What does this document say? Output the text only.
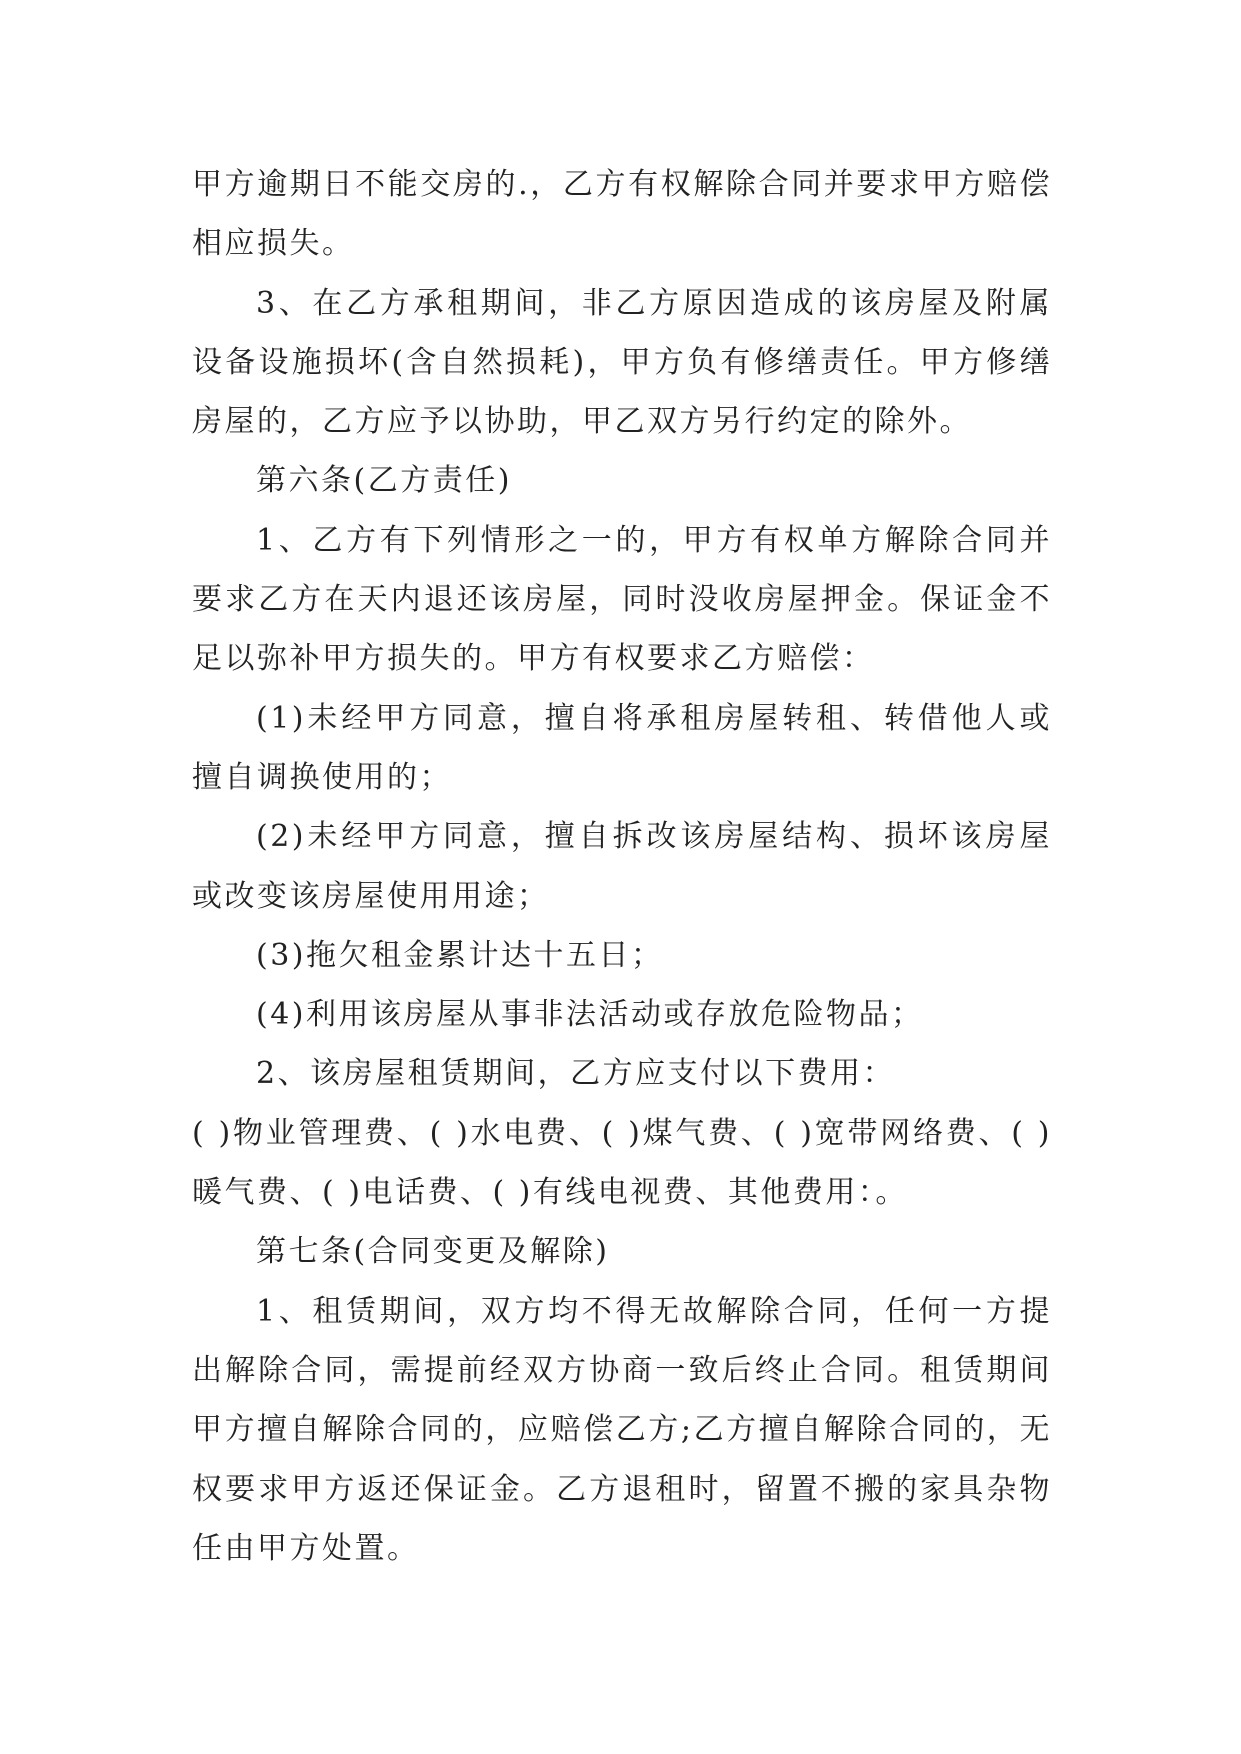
甲方逾期日不能交房的.，乙方有权解除合同并要求甲方赔偿相应损失。

3、在乙方承租期间，非乙方原因造成的该房屋及附属设备设施损坏(含自然损耗)，甲方负有修缮责任。甲方修缮房屋的，乙方应予以协助，甲乙双方另行约定的除外。

第六条(乙方责任)

1、乙方有下列情形之一的，甲方有权单方解除合同并要求乙方在天内退还该房屋，同时没收房屋押金。保证金不足以弥补甲方损失的。甲方有权要求乙方赔偿：

(1)未经甲方同意，擅自将承租房屋转租、转借他人或擅自调换使用的；

(2)未经甲方同意，擅自拆改该房屋结构、损坏该房屋或改变该房屋使用用途；

(3)拖欠租金累计达十五日；

(4)利用该房屋从事非法活动或存放危险物品；

2、该房屋租赁期间，乙方应支付以下费用：

( )物业管理费、( )水电费、( )煤气费、( )宽带网络费、( )暖气费、( )电话费、( )有线电视费、其他费用：。

第七条(合同变更及解除)

1、租赁期间，双方均不得无故解除合同，任何一方提出解除合同，需提前经双方协商一致后终止合同。租赁期间甲方擅自解除合同的，应赔偿乙方;乙方擅自解除合同的，无权要求甲方返还保证金。乙方退租时，留置不搬的家具杂物任由甲方处置。
